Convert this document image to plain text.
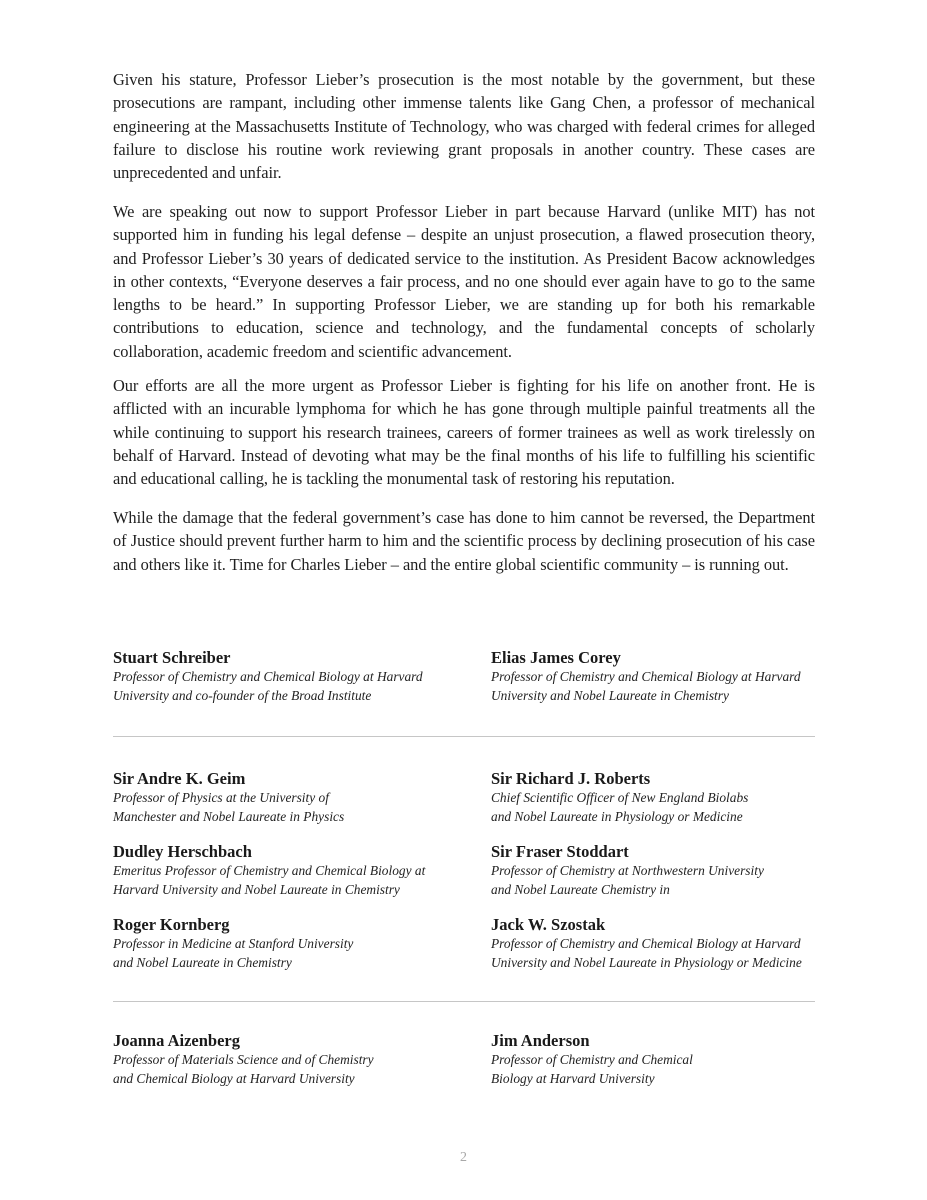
Given his stature, Professor Lieber’s prosecution is the most notable by the government, but these prosecutions are rampant, including other immense talents like Gang Chen, a professor of mechanical engineering at the Massachusetts Institute of Technology, who was charged with federal crimes for alleged failure to disclose his routine work reviewing grant proposals in another country. These cases are unprecedented and unfair.

We are speaking out now to support Professor Lieber in part because Harvard (unlike MIT) has not supported him in funding his legal defense – despite an unjust prosecution, a flawed prosecution theory, and Professor Lieber’s 30 years of dedicated service to the institution. As President Bacow acknowledges in other contexts, “Everyone deserves a fair process, and no one should ever again have to go to the same lengths to be heard.” In supporting Professor Lieber, we are standing up for both his remarkable contributions to education, science and technology, and the fundamental concepts of scholarly collaboration, academic freedom and scientific advancement.

Our efforts are all the more urgent as Professor Lieber is fighting for his life on another front. He is afflicted with an incurable lymphoma for which he has gone through multiple painful treatments all the while continuing to support his research trainees, careers of former trainees as well as work tirelessly on behalf of Harvard. Instead of devoting what may be the final months of his life to fulfilling his scientific and educational calling, he is tackling the monumental task of restoring his reputation.

While the damage that the federal government’s case has done to him cannot be reversed, the Department of Justice should prevent further harm to him and the scientific process by declining prosecution of his case and others like it. Time for Charles Lieber – and the entire global scientific community – is running out.

Stuart Schreiber
Professor of Chemistry and Chemical Biology at Harvard
University and co-founder of the Broad Institute
Elias James Corey
Professor of Chemistry and Chemical Biology at Harvard
University and Nobel Laureate in Chemistry
Sir Andre K. Geim
Professor of Physics at the University of
Manchester and Nobel Laureate in Physics
Sir Richard J. Roberts
Chief Scientific Officer of New England Biolabs
and Nobel Laureate in Physiology or Medicine
Dudley Herschbach
Emeritus Professor of Chemistry and Chemical Biology at
Harvard University and Nobel Laureate in Chemistry
Sir Fraser Stoddart
Professor of Chemistry at Northwestern University
and Nobel Laureate Chemistry in
Roger Kornberg
Professor in Medicine at Stanford University
and Nobel Laureate in Chemistry
Jack W. Szostak
Professor of Chemistry and Chemical Biology at Harvard
University and Nobel Laureate in Physiology or Medicine
Joanna Aizenberg
Professor of Materials Science and of Chemistry
and Chemical Biology at Harvard University
Jim Anderson
Professor of Chemistry and Chemical
Biology at Harvard University
2
